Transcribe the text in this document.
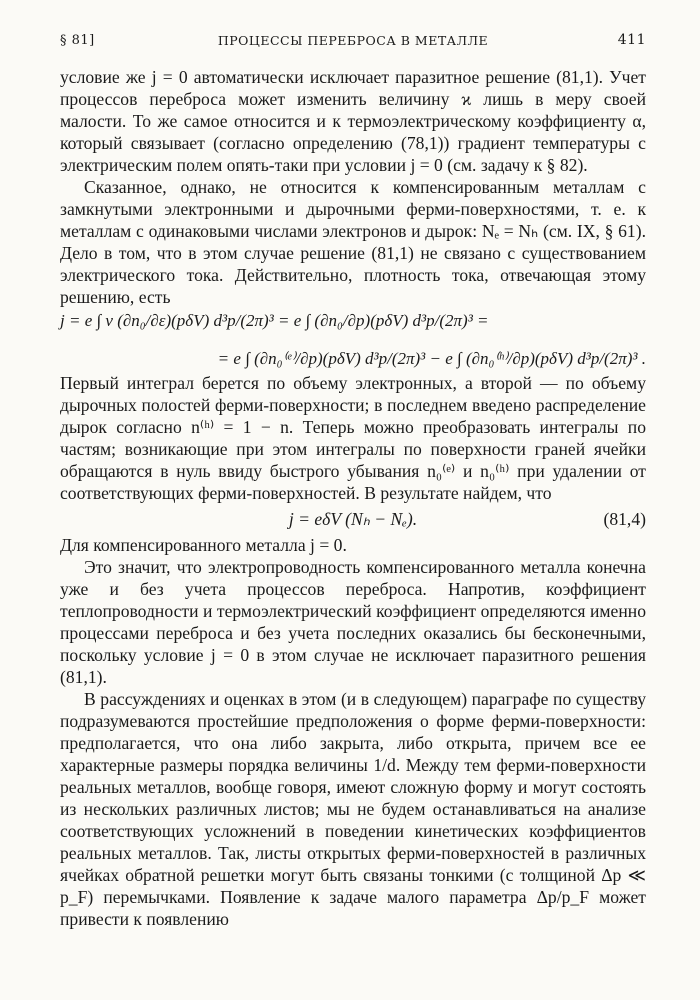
§ 81]	ПРОЦЕССЫ ПЕРЕБРОСА В МЕТАЛЛЕ	411

условие же j = 0 автоматически исключает паразитное решение (81,1). Учет процессов переброса может изменить величину ϰ лишь в меру своей малости. То же самое относится и к термоэлектрическому коэффициенту α, который связывает (согласно определению (78,1)) градиент температуры с электрическим полем опять-таки при условии j = 0 (см. задачу к § 82).

Сказанное, однако, не относится к компенсированным металлам с замкнутыми электронными и дырочными ферми-поверхностями, т. е. к металлам с одинаковыми числами электронов и дырок: Nₑ = Nₕ (см. IX, § 61). Дело в том, что в этом случае решение (81,1) не связано с существованием электрического тока. Действительно, плотность тока, отвечающая этому решению, есть

j = e ∫ v (∂n₀/∂ε)(pδV) d³p/(2π)³ = e ∫ (∂n₀/∂p)(pδV) d³p/(2π)³ =
= e ∫ (∂n₀⁽ᵉ⁾/∂p)(pδV) d³p/(2π)³ − e ∫ (∂n₀⁽ʰ⁾/∂p)(pδV) d³p/(2π)³ .

Первый интеграл берется по объему электронных, а второй — по объему дырочных полостей ферми-поверхности; в последнем введено распределение дырок согласно n⁽ʰ⁾ = 1 − n. Теперь можно преобразовать интегралы по частям; возникающие при этом интегралы по поверхности граней ячейки обращаются в нуль ввиду быстрого убывания n₀⁽ᵉ⁾ и n₀⁽ʰ⁾ при удалении от соответствующих ферми-поверхностей. В результате найдем, что

j = eδV (Nₕ − Nₑ).	(81,4)

Для компенсированного металла j = 0.

Это значит, что электропроводность компенсированного металла конечна уже и без учета процессов переброса. Напротив, коэффициент теплопроводности и термоэлектрический коэффициент определяются именно процессами переброса и без учета последних оказались бы бесконечными, поскольку условие j = 0 в этом случае не исключает паразитного решения (81,1).

В рассуждениях и оценках в этом (и в следующем) параграфе по существу подразумеваются простейшие предположения о форме ферми-поверхности: предполагается, что она либо закрыта, либо открыта, причем все ее характерные размеры порядка величины 1/d. Между тем ферми-поверхности реальных металлов, вообще говоря, имеют сложную форму и могут состоять из нескольких различных листов; мы не будем останавливаться на анализе соответствующих усложнений в поведении кинетических коэффициентов реальных металлов. Так, листы открытых ферми-поверхностей в различных ячейках обратной решетки могут быть связаны тонкими (с толщиной Δp ≪ p_F) перемычками. Появление к задаче малого параметра Δp/p_F может привести к появлению
